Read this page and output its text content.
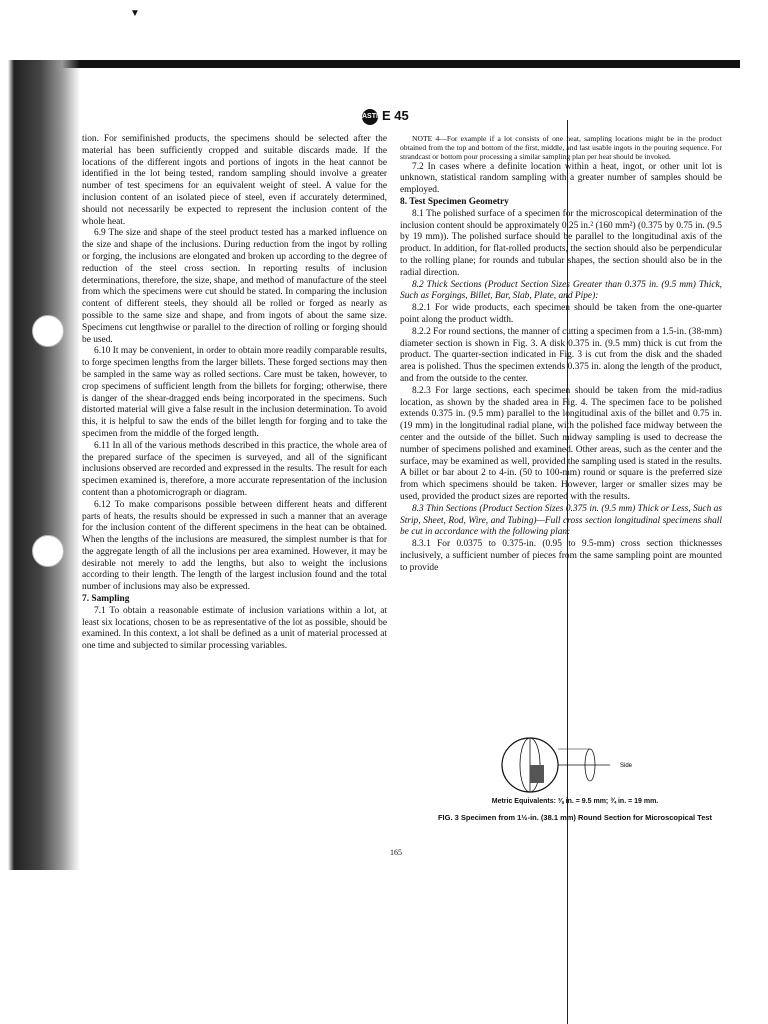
▼
ASTME 45

tion. For semifinished products, the specimens should be selected after the material has been sufficiently cropped and suitable discards made. If the locations of the different ingots and portions of ingots in the heat cannot be identified in the lot being tested, random sampling should involve a greater number of test specimens for an equivalent weight of steel. A value for the inclusion content of an isolated piece of steel, even if accurately determined, should not necessarily be expected to represent the inclusion content of the whole heat.

6.9 The size and shape of the steel product tested has a marked influence on the size and shape of the inclusions. During reduction from the ingot by rolling or forging, the inclusions are elongated and broken up according to the degree of reduction of the steel cross section. In reporting results of inclusion determinations, therefore, the size, shape, and method of manufacture of the steel from which the specimens were cut should be stated. In comparing the inclusion content of different steels, they should all be rolled or forged as nearly as possible to the same size and shape, and from ingots of about the same size. Specimens cut lengthwise or parallel to the direction of rolling or forging should be used.

6.10 It may be convenient, in order to obtain more readily comparable results, to forge specimen lengths from the larger billets. These forged sections may then be sampled in the same way as rolled sections. Care must be taken, however, to crop specimens of sufficient length from the billets for forging; otherwise, there is danger of the shear-dragged ends being incorporated in the specimens. Such distorted material will give a false result in the inclusion determination. To avoid this, it is helpful to saw the ends of the billet length for forging and to take the specimen from the middle of the forged length.

6.11 In all of the various methods described in this practice, the whole area of the prepared surface of the specimen is surveyed, and all of the significant inclusions observed are recorded and expressed in the results. The result for each specimen examined is, therefore, a more accurate representation of the inclusion content than a photomicrograph or diagram.

6.12 To make comparisons possible between different heats and different parts of heats, the results should be expressed in such a manner that an average for the inclusion content of the different specimens in the heat can be obtained. When the lengths of the inclusions are measured, the simplest number is that for the aggregate length of all the inclusions per area examined. However, it may be desirable not merely to add the lengths, but also to weight the inclusions according to their length. The length of the largest inclusion found and the total number of inclusions may also be expressed.

7. Sampling

7.1 To obtain a reasonable estimate of inclusion variations within a lot, at least six locations, chosen to be as representative of the lot as possible, should be examined. In this context, a lot shall be defined as a unit of material processed at one time and subjected to similar processing variables.

NOTE 4—For example if a lot consists of one heat, sampling locations might be in the product obtained from the top and bottom of the first, middle, and last usable ingots in the pouring sequence. For strandcast or bottom pour processing a similar sampling plan per heat should be invoked.

7.2 In cases where a definite location within a heat, ingot, or other unit lot is unknown, statistical random sampling with a greater number of samples should be employed.

8. Test Specimen Geometry

8.1 The polished surface of a specimen for the microscopical determination of the inclusion content should be approximately 0.25 in.² (160 mm²) (0.375 by 0.75 in. (9.5 by 19 mm)). The polished surface should be parallel to the longitudinal axis of the product. In addition, for flat-rolled products, the section should also be perpendicular to the rolling plane; for rounds and tubular shapes, the section should also be in the radial direction.

8.2 Thick Sections (Product Section Sizes Greater than 0.375 in. (9.5 mm) Thick, Such as Forgings, Billet, Bar, Slab, Plate, and Pipe):

8.2.1 For wide products, each specimen should be taken from the one-quarter point along the product width.

8.2.2 For round sections, the manner of cutting a specimen from a 1.5-in. (38-mm) diameter section is shown in Fig. 3. A disk 0.375 in. (9.5 mm) thick is cut from the product. The quarter-section indicated in Fig. 3 is cut from the disk and the shaded area is polished. Thus the specimen extends 0.375 in. along the length of the product, and from the outside to the center.

8.2.3 For large sections, each specimen should be taken from the mid-radius location, as shown by the shaded area in Fig. 4. The specimen face to be polished extends 0.375 in. (9.5 mm) parallel to the longitudinal axis of the billet and 0.75 in. (19 mm) in the longitudinal radial plane, with the polished face midway between the center and the outside of the billet. Such midway sampling is used to decrease the number of specimens polished and examined. Other areas, such as the center and the surface, may be examined as well, provided the sampling used is stated in the results. A billet or bar about 2 to 4-in. (50 to 100-mm) round or square is the preferred size from which specimens should be taken. However, larger or smaller sizes may be used, provided the product sizes are reported with the results.

8.3 Thin Sections (Product Section Sizes 0.375 in. (9.5 mm) Thick or Less, Such as Strip, Sheet, Rod, Wire, and Tubing)—Full cross section longitudinal specimens shall be cut in accordance with the following plan:

8.3.1 For 0.0375 to 0.375-in. (0.95 to 9.5-mm) cross section thicknesses inclusively, a sufficient number of pieces from the same sampling point are mounted to provide

Side
Metric Equivalents: ⅜ in. = 9.5 mm; ¾ in. = 19 mm.
FIG. 3 Specimen from 1½-in. (38.1 mm) Round Section for Microscopical Test
165
